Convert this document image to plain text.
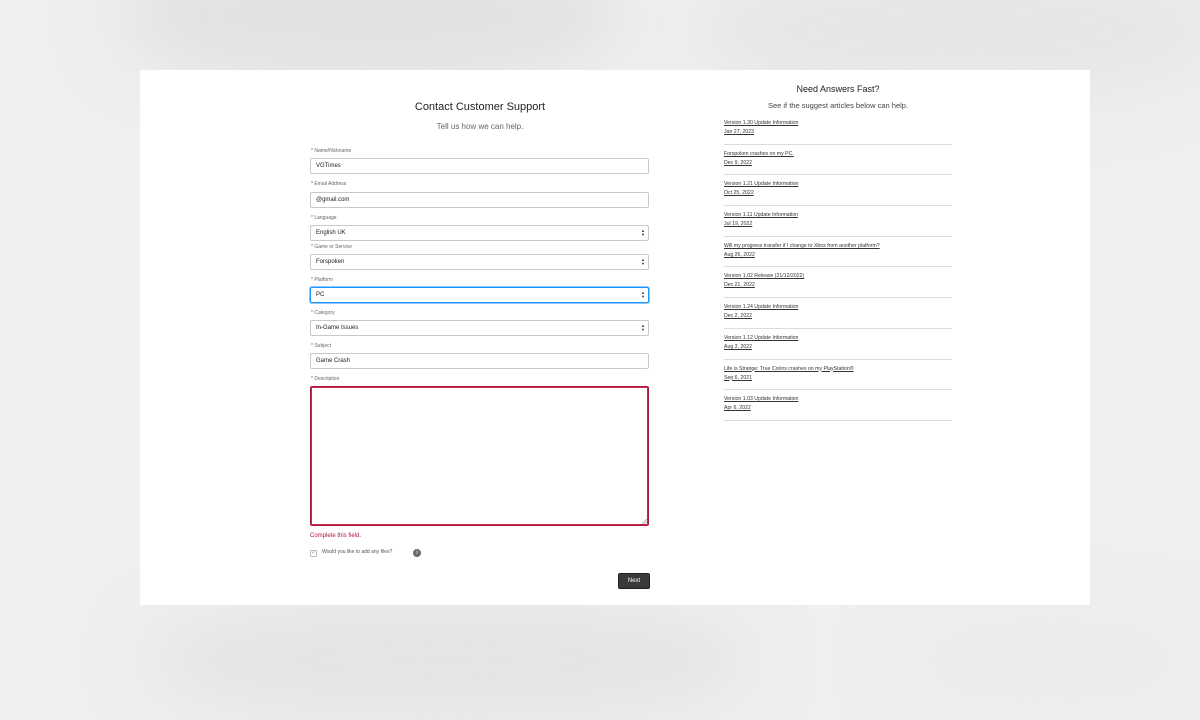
Contact Customer Support
Tell us how we can help.
* Name/Nickname
VGTimes
* Email Address
@gmail.com
* Language
English UK	▲
▼
* Game or Service
Forspoken	▲
▼
* Platform
PC	▲
▼
* Category
In-Game Issues	▲
▼
* Subject
Game Crash
* Description
Complete this field.
✓ Would you like to add any files?	i
Next
Need Answers Fast?
See if the suggest articles below can help.
Version 1.30 Update Information
Jan 27, 2023
Forspoken crashes on my PC.
Dec 9, 2022
Version 1.21 Update Information
Oct 25, 2022
Version 1.11 Update Information
Jul 19, 2022
Will my progress transfer if I change to Xbox from another platform?
Aug 26, 2022
Version 1.02 Release (21/12/2022)
Dec 21, 2022
Version 1.24 Update Information
Dec 2, 2022
Version 1.12 Update Information
Aug 3, 2022
Life is Strange: True Colors crashes on my PlayStation®
Sep 6, 2021
Version 1.03 Update Information
Apr 6, 2022
